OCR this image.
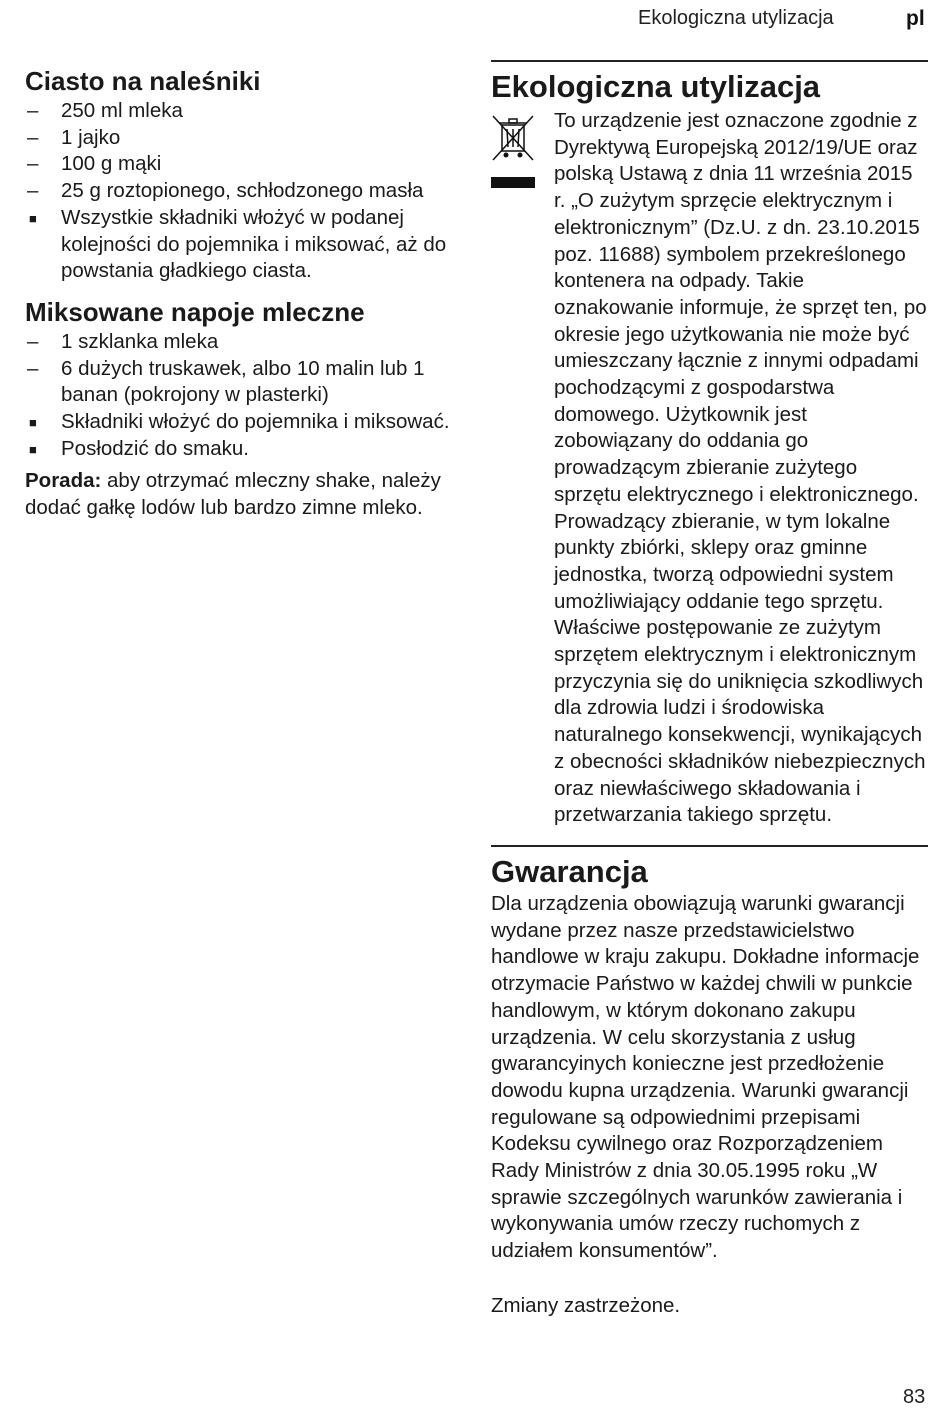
Ekologiczna utylizacja	pl
Ciasto na naleśniki
– 250 ml mleka
– 1 jajko
– 100 g mąki
– 25 g roztopionego, schłodzonego masła
■ Wszystkie składniki włożyć w podanej kolejności do pojemnika i miksować, aż do powstania gładkiego ciasta.
Miksowane napoje mleczne
– 1 szklanka mleka
– 6 dużych truskawek, albo 10 malin lub 1 banan (pokrojony w plasterki)
■ Składniki włożyć do pojemnika i miksować.
■ Posłodzić do smaku.
Porada: aby otrzymać mleczny shake, należy dodać gałkę lodów lub bardzo zimne mleko.
Ekologiczna utylizacja
To urządzenie jest oznaczone zgodnie z Dyrektywą Europejską 2012/19/UE oraz polską Ustawą z dnia 11 września 2015 r. „O zużytym sprzęcie elektrycznym i elektronicznym” (Dz.U. z dn. 23.10.2015 poz. 11688) symbolem przekreślonego kontenera na odpady. Takie oznakowanie informuje, że sprzęt ten, po okresie jego użytkowania nie może być umieszczany łącznie z innymi odpadami pochodzącymi z gospodarstwa domowego. Użytkownik jest zobowiązany do oddania go prowadzącym zbieranie zużytego sprzętu elektrycznego i elektronicznego. Prowadzący zbieranie, w tym lokalne punkty zbiórki, sklepy oraz gminne jednostka, tworzą odpowiedni system umożliwiający oddanie tego sprzętu. Właściwe postępowanie ze zużytym sprzętem elektrycznym i elektronicznym przyczynia się do uniknięcia szkodliwych dla zdrowia ludzi i środowiska naturalnego konsekwencji, wynikających z obecności składników niebezpiecznych oraz niewłaściwego składowania i przetwarzania takiego sprzętu.
Gwarancja
Dla urządzenia obowiązują warunki gwarancji wydane przez nasze przedstawicielstwo handlowe w kraju zakupu. Dokładne informacje otrzymacie Państwo w każdej chwili w punkcie handlowym, w którym dokonano zakupu urządzenia. W celu skorzystania z usług gwarancyinych konieczne jest przedłożenie dowodu kupna urządzenia. Warunki gwarancji regulowane są odpowiednimi przepisami Kodeksu cywilnego oraz Rozporządzeniem Rady Ministrów z dnia 30.05.1995 roku „W sprawie szczególnych warunków zawierania i wykonywania umów rzeczy ruchomych z udziałem konsumentów”.
Zmiany zastrzeżone.
83
